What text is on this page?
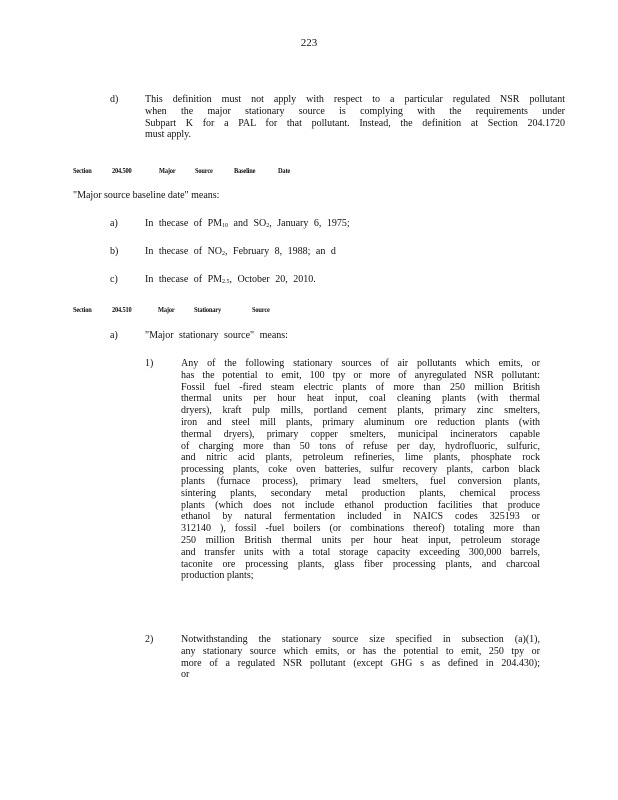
223
d)	This definition must not apply with respect to a particular regulated NSR pollutant
when the major stationary source is complying with the requirements under
Subpart K for a PAL for that pollutant. Instead, the definition at Section 204.1720
must apply.
Section	204.500	Major	Source	Baseline	Date
"Major source baseline date" means:
a)	In thecase of $PM_{10}$ and $SO_2$, January 6, 1975;
b)	In thecase of $NO_2$, February 8, 1988; an d
c)	In thecase of $PM_{2.5}$, October 20, 2010.
Section	204.510	Major	Stationary	Source
a)	"Major stationary source" means:
1)	Any of the following stationary sources of air pollutants which emits, or
has the potential to emit, 100 tpy or more of anyregulated NSR pollutant:
Fossil fuel -fired steam electric plants of more than 250 million British
thermal units per hour heat input, coal cleaning plants (with thermal
dryers), kraft pulp mills, portland cement plants, primary zinc smelters,
iron and steel mill plants, primary aluminum ore reduction plants (with
thermal dryers), primary copper smelters, municipal incinerators capable
of charging more than 50 tons of refuse per day, hydrofluoric, sulfuric,
and nitric acid plants, petroleum refineries, lime plants, phosphate rock
processing plants, coke oven batteries, sulfur recovery plants, carbon black
plants (furnace process), primary lead smelters, fuel conversion plants,
sintering plants, secondary metal production plants, chemical process
plants (which does not include ethanol production facilities that produce
ethanol by natural fermentation included in NAICS codes 325193 or
312140 ), fossil -fuel boilers (or combinations thereof) totaling more than
250 million British thermal units per hour heat input, petroleum storage
and transfer units with a total storage capacity exceeding 300,000 barrels,
taconite ore processing plants, glass fiber processing plants, and charcoal
production plants;
2)	Notwithstanding the stationary source size specified in subsection (a)(1),
any stationary source which emits, or has the potential to emit, 250 tpy or
more of a regulated NSR pollutant (except GHG s as defined in 204.430);
or
